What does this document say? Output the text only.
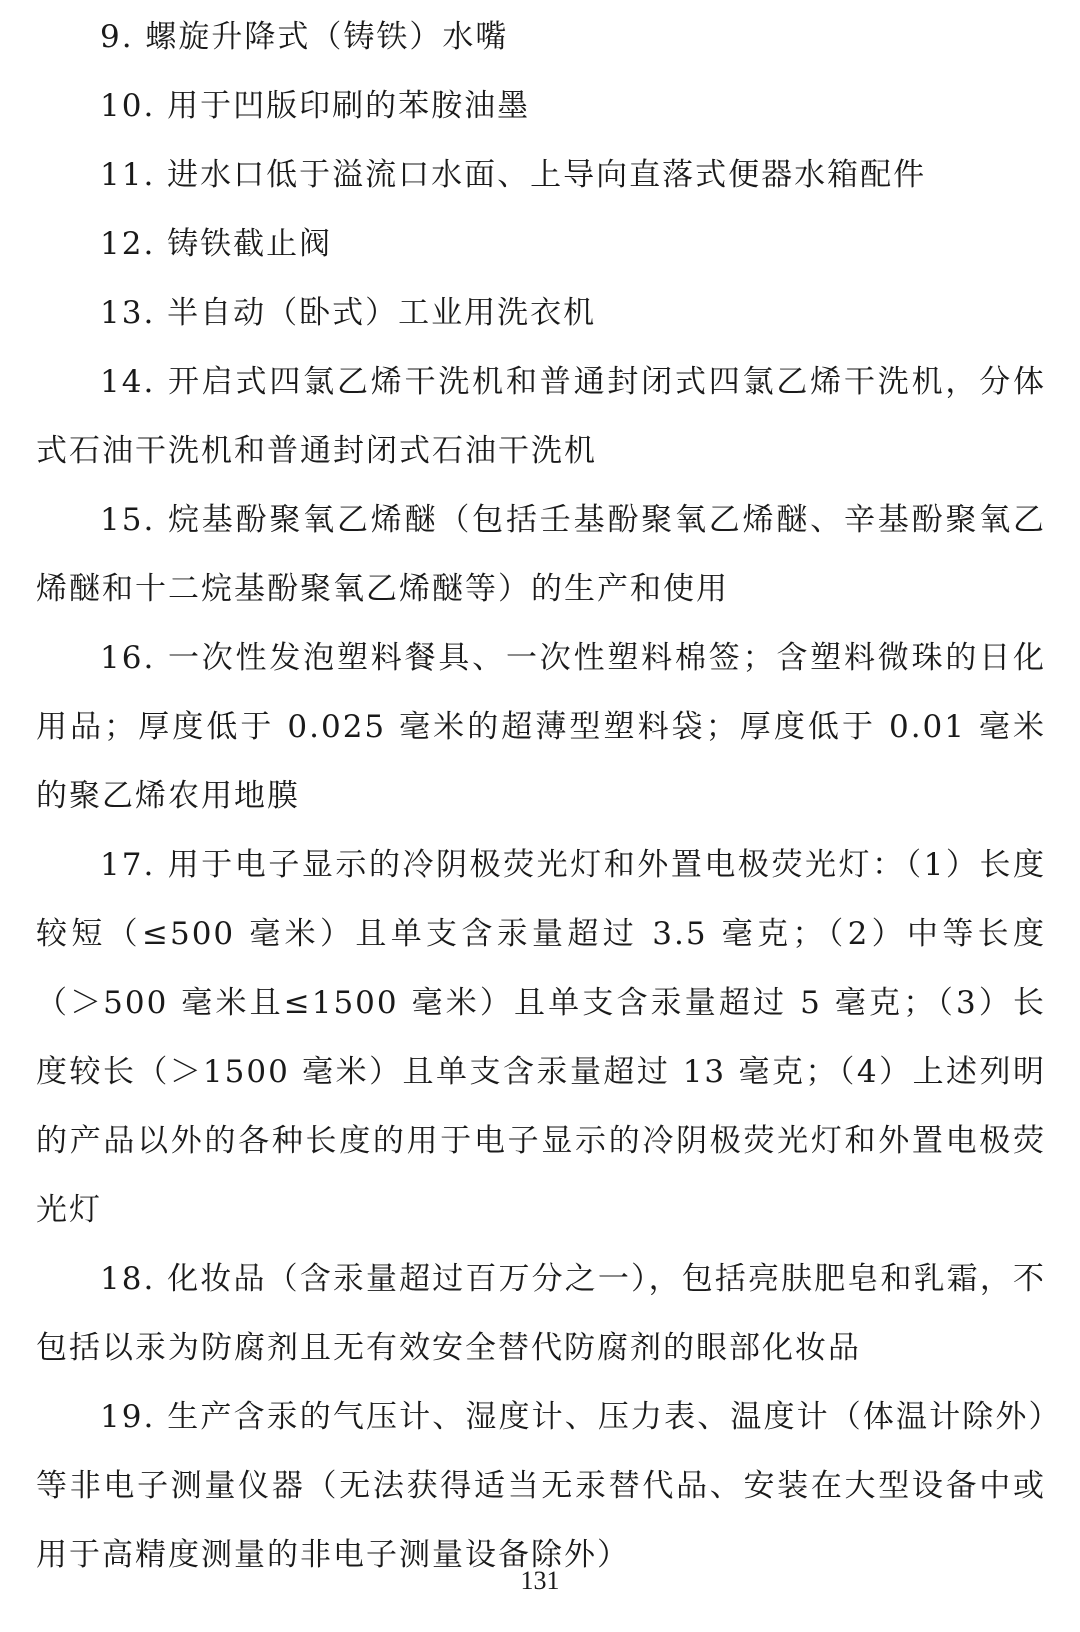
9. 螺旋升降式（铸铁）水嘴

10. 用于凹版印刷的苯胺油墨

11. 进水口低于溢流口水面、上导向直落式便器水箱配件

12. 铸铁截止阀

13. 半自动（卧式）工业用洗衣机

14. 开启式四氯乙烯干洗机和普通封闭式四氯乙烯干洗机，分体式石油干洗机和普通封闭式石油干洗机

15. 烷基酚聚氧乙烯醚（包括壬基酚聚氧乙烯醚、辛基酚聚氧乙烯醚和十二烷基酚聚氧乙烯醚等）的生产和使用

16. 一次性发泡塑料餐具、一次性塑料棉签；含塑料微珠的日化用品；厚度低于 0.025 毫米的超薄型塑料袋；厚度低于 0.01 毫米的聚乙烯农用地膜

17. 用于电子显示的冷阴极荧光灯和外置电极荧光灯：（1）长度较短（≤500 毫米）且单支含汞量超过 3.5 毫克；（2）中等长度（＞500 毫米且≤1500 毫米）且单支含汞量超过 5 毫克；（3）长度较长（＞1500 毫米）且单支含汞量超过 13 毫克；（4）上述列明的产品以外的各种长度的用于电子显示的冷阴极荧光灯和外置电极荧光灯

18. 化妆品（含汞量超过百万分之一），包括亮肤肥皂和乳霜，不包括以汞为防腐剂且无有效安全替代防腐剂的眼部化妆品

19. 生产含汞的气压计、湿度计、压力表、温度计（体温计除外）等非电子测量仪器（无法获得适当无汞替代品、安装在大型设备中或用于高精度测量的非电子测量设备除外）

131
